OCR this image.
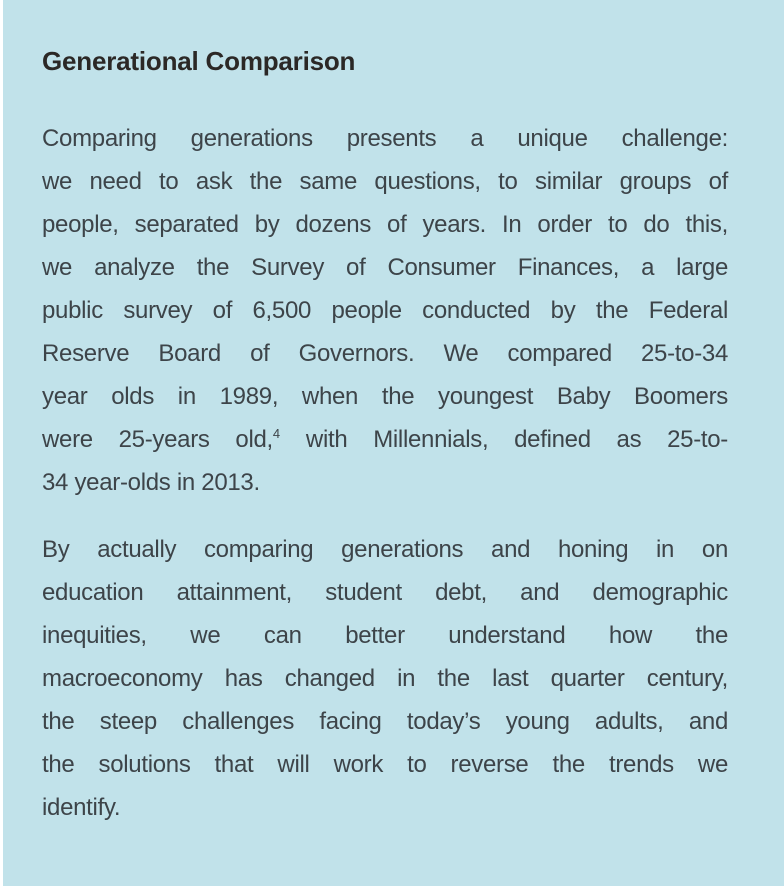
Generational Comparison
Comparing generations presents a unique challenge:
we need to ask the same questions, to similar groups of
people, separated by dozens of years. In order to do this,
we analyze the Survey of Consumer Finances, a large
public survey of 6,500 people conducted by the Federal
Reserve Board of Governors. We compared 25-to-34
year olds in 1989, when the youngest Baby Boomers
were 25-years old,$^4$ with Millennials, defined as 25-to-
34 year-olds in 2013.
By actually comparing generations and honing in on
education attainment, student debt, and demographic
inequities, we can better understand how the
macroeconomy has changed in the last quarter century,
the steep challenges facing today’s young adults, and
the solutions that will work to reverse the trends we
identify.
